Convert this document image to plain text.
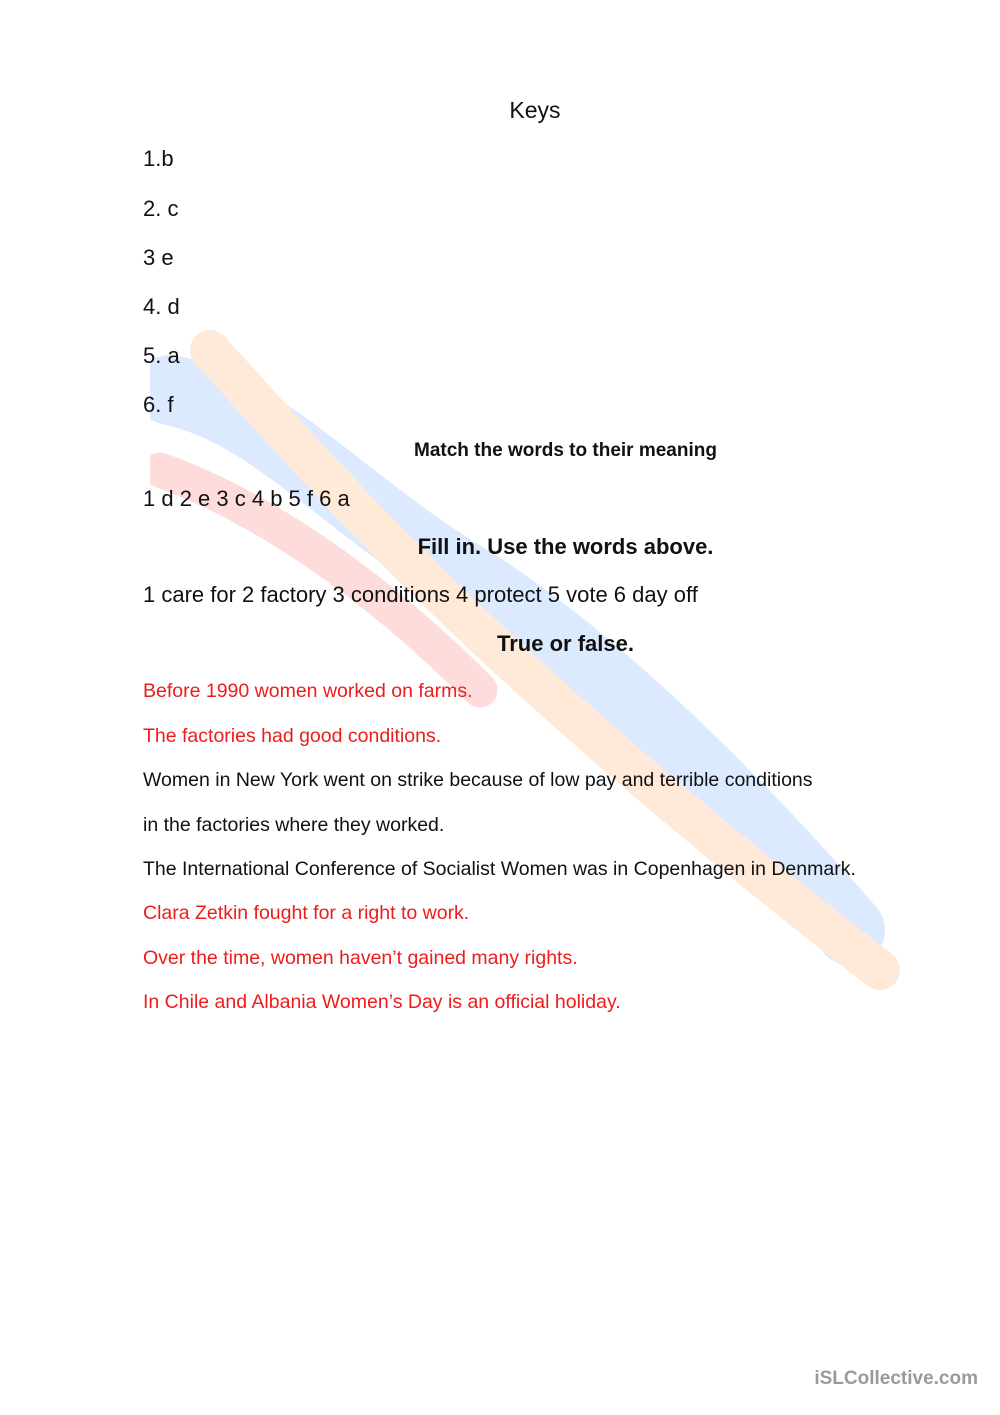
Keys
1.b
2. c
3 e
4. d
5. a
6. f
Match the words to their meaning
1 d 2 e 3 c 4 b 5 f 6 a
Fill in. Use the words above.
1 care for 2 factory 3 conditions 4 protect 5 vote 6 day off
True or false.
Before 1990 women worked on farms.
The factories had good conditions.
Women in New York went on strike because of low pay and terrible conditions
in the factories where they worked.
The International Conference of Socialist Women was in Copenhagen in Denmark.
Clara Zetkin fought for a right to work.
Over the time, women haven’t gained many rights.
In Chile and Albania Women’s Day is an official holiday.
iSLCollective.com
